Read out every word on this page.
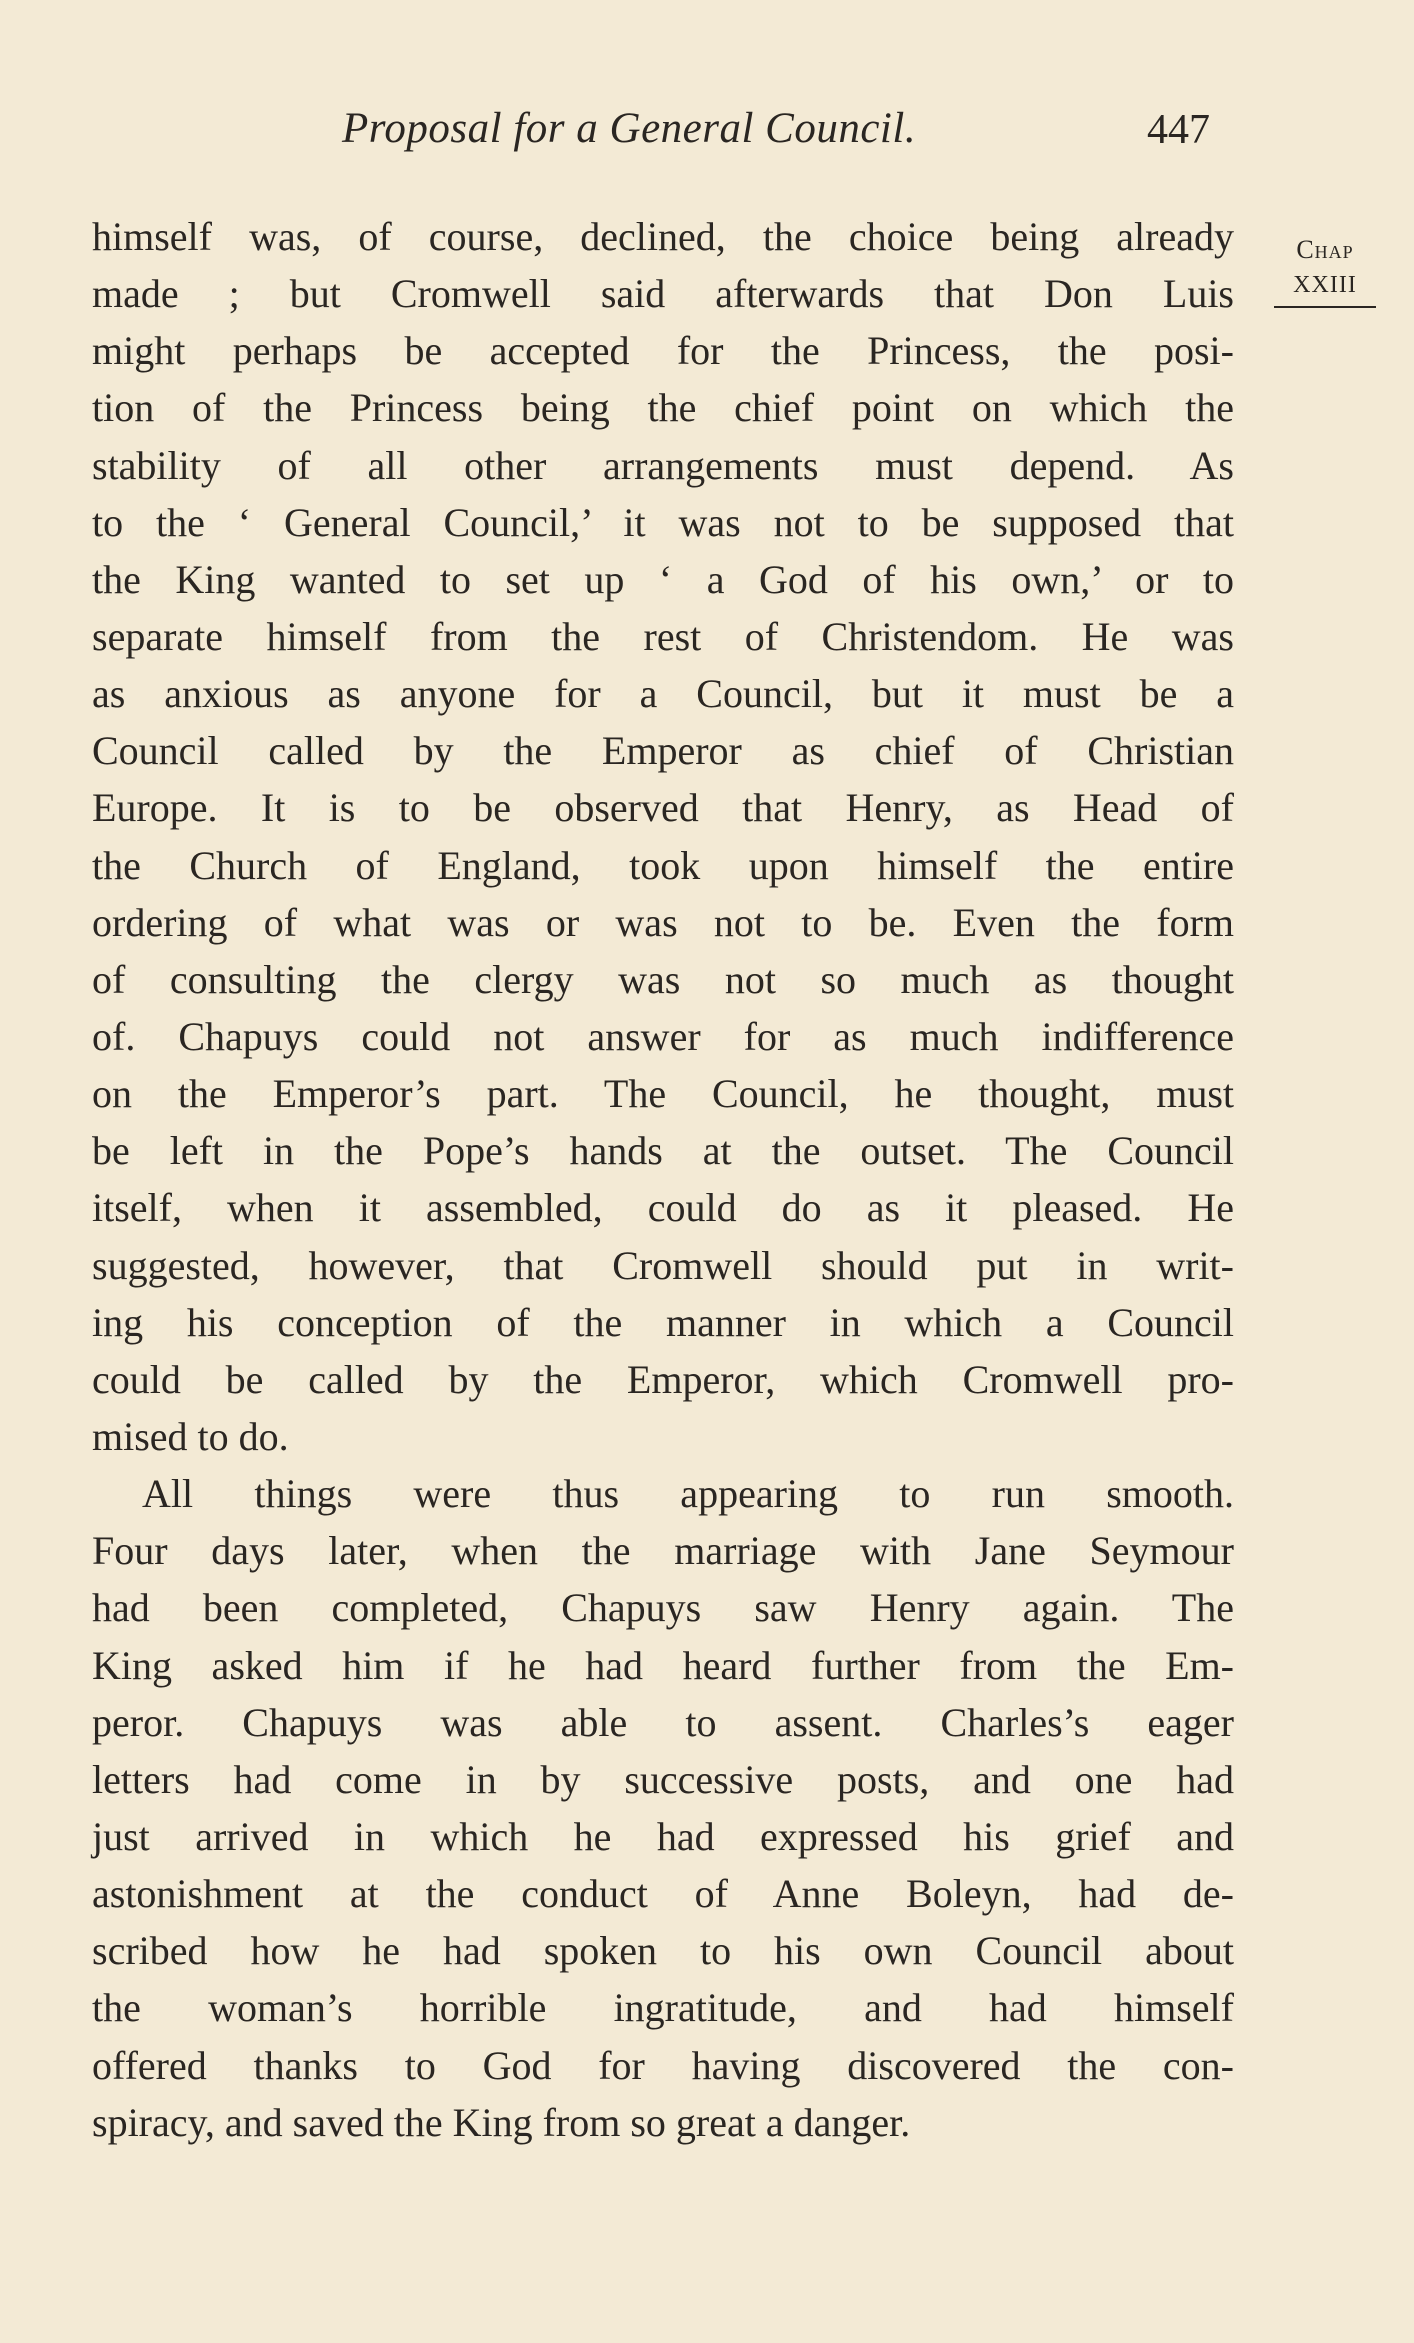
Proposal for a General Council.	447
Chap
XXIII
himself was, of course, declined, the choice being already
made ; but Cromwell said afterwards that Don Luis
might perhaps be accepted for the Princess, the posi-
tion of the Princess being the chief point on which the
stability of all other arrangements must depend. As
to the ‘ General Council,’ it was not to be supposed that
the King wanted to set up ‘ a God of his own,’ or to
separate himself from the rest of Christendom. He was
as anxious as anyone for a Council, but it must be a
Council called by the Emperor as chief of Christian
Europe. It is to be observed that Henry, as Head of
the Church of England, took upon himself the entire
ordering of what was or was not to be. Even the form
of consulting the clergy was not so much as thought
of. Chapuys could not answer for as much indifference
on the Emperor’s part. The Council, he thought, must
be left in the Pope’s hands at the outset. The Council
itself, when it assembled, could do as it pleased. He
suggested, however, that Cromwell should put in writ-
ing his conception of the manner in which a Council
could be called by the Emperor, which Cromwell pro-
mised to do.
All things were thus appearing to run smooth.
Four days later, when the marriage with Jane Seymour
had been completed, Chapuys saw Henry again. The
King asked him if he had heard further from the Em-
peror. Chapuys was able to assent. Charles’s eager
letters had come in by successive posts, and one had
just arrived in which he had expressed his grief and
astonishment at the conduct of Anne Boleyn, had de-
scribed how he had spoken to his own Council about
the woman’s horrible ingratitude, and had himself
offered thanks to God for having discovered the con-
spiracy, and saved the King from so great a danger.
